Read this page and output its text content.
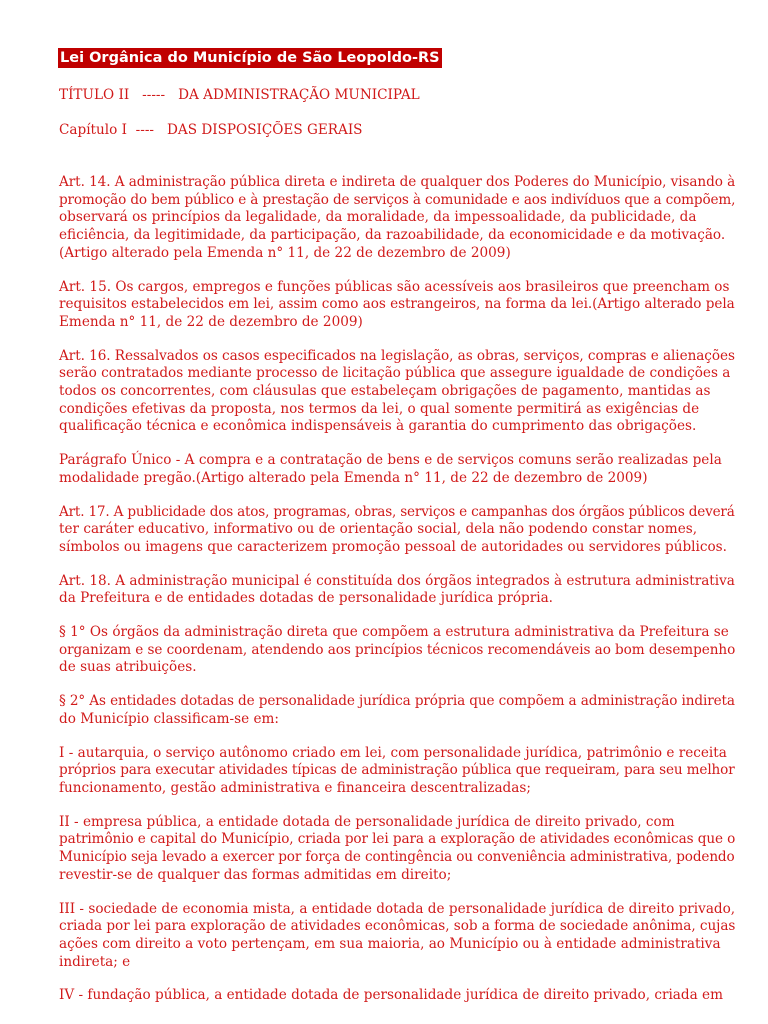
Lei Orgânica do Município de São Leopoldo-RS
TÍTULO II   -----   DA ADMINISTRAÇÃO MUNICIPAL
Capítulo I  ----   DAS DISPOSIÇÕES GERAIS
Art. 14. A administração pública direta e indireta de qualquer dos Poderes do Município, visando à
promoção do bem público e à prestação de serviços à comunidade e aos indivíduos que a compõem,
observará os princípios da legalidade, da moralidade, da impessoalidade, da publicidade, da
eficiência, da legitimidade, da participação, da razoabilidade, da economicidade e da motivação.
(Artigo alterado pela Emenda n° 11, de 22 de dezembro de 2009)
Art. 15. Os cargos, empregos e funções públicas são acessíveis aos brasileiros que preencham os
requisitos estabelecidos em lei, assim como aos estrangeiros, na forma da lei.(Artigo alterado pela
Emenda n° 11, de 22 de dezembro de 2009)
Art. 16. Ressalvados os casos especificados na legislação, as obras, serviços, compras e alienações
serão contratados mediante processo de licitação pública que assegure igualdade de condições a
todos os concorrentes, com cláusulas que estabeleçam obrigações de pagamento, mantidas as
condições efetivas da proposta, nos termos da lei, o qual somente permitirá as exigências de
qualificação técnica e econômica indispensáveis à garantia do cumprimento das obrigações.
Parágrafo Único - A compra e a contratação de bens e de serviços comuns serão realizadas pela
modalidade pregão.(Artigo alterado pela Emenda n° 11, de 22 de dezembro de 2009)
Art. 17. A publicidade dos atos, programas, obras, serviços e campanhas dos órgãos públicos deverá
ter caráter educativo, informativo ou de orientação social, dela não podendo constar nomes,
símbolos ou imagens que caracterizem promoção pessoal de autoridades ou servidores públicos.
Art. 18. A administração municipal é constituída dos órgãos integrados à estrutura administrativa
da Prefeitura e de entidades dotadas de personalidade jurídica própria.
§ 1° Os órgãos da administração direta que compõem a estrutura administrativa da Prefeitura se
organizam e se coordenam, atendendo aos princípios técnicos recomendáveis ao bom desempenho
de suas atribuições.
§ 2° As entidades dotadas de personalidade jurídica própria que compõem a administração indireta
do Município classificam-se em:
I - autarquia, o serviço autônomo criado em lei, com personalidade jurídica, patrimônio e receita
próprios para executar atividades típicas de administração pública que requeiram, para seu melhor
funcionamento, gestão administrativa e financeira descentralizadas;
II - empresa pública, a entidade dotada de personalidade jurídica de direito privado, com
patrimônio e capital do Município, criada por lei para a exploração de atividades econômicas que o
Município seja levado a exercer por força de contingência ou conveniência administrativa, podendo
revestir-se de qualquer das formas admitidas em direito;
III - sociedade de economia mista, a entidade dotada de personalidade jurídica de direito privado,
criada por lei para exploração de atividades econômicas, sob a forma de sociedade anônima, cujas
ações com direito a voto pertençam, em sua maioria, ao Município ou à entidade administrativa
indireta; e
IV - fundação pública, a entidade dotada de personalidade jurídica de direito privado, criada em
